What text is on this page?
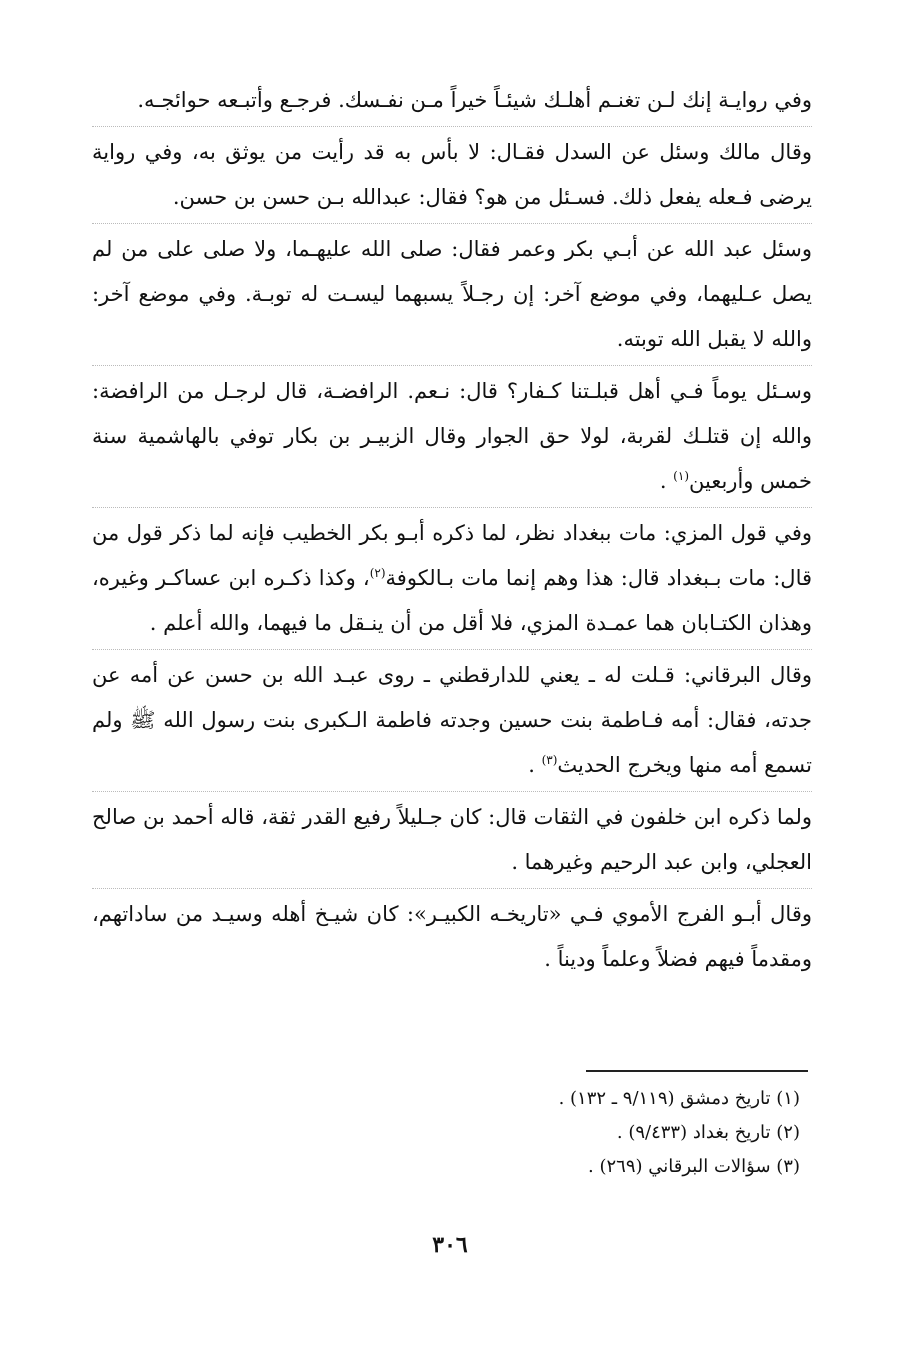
وفي روايـة إنك لـن تغنـم أهلـك شيئـاً خيراً مـن نفـسك. فرجـع وأتبـعه حوائجـه.

وقال مالك وسئل عن السدل فقـال: لا بأس به قد رأيت من يوثق به، وفي رواية يرضى فـعله يفعل ذلك. فسـئل من هو؟ فقال: عبدالله بـن حسن بن حسن.

وسئل عبد الله عن أبـي بكر وعمر فقال: صلى الله عليهـما، ولا صلى على من لم يصل عـليهما، وفي موضع آخر: إن رجـلاً يسبهما ليسـت له توبـة. وفي موضع آخر: والله لا يقبل الله توبته.

وسـئل يوماً فـي أهل قبلـتنا كـفار؟ قال: نـعم. الرافضـة، قال لرجـل من الرافضة: والله إن قتلـك لقربة، لولا حق الجوار وقال الزبيـر بن بكار توفي بالهاشمية سنة خمس وأربعين$^{(١)}$ .

وفي قول المزي: مات ببغداد نظر، لما ذكره أبـو بكر الخطيب فإنه لما ذكر قول من قال: مات بـبغداد قال: هذا وهم إنما مات بـالكوفة$^{(٢)}$، وكذا ذكـره ابن عساكـر وغيره، وهذان الكتـابان هما عمـدة المزي، فلا أقل من أن ينـقل ما فيهما، والله أعلم .

وقال البرقاني: قـلت له ـ يعني للدارقطني ـ روى عبـد الله بن حسن عن أمه عن جدته، فقال: أمه فـاطمة بنت حسين وجدته فاطمة الـكبرى بنت رسول الله ﷺ ولم تسمع أمه منها ويخرج الحديث$^{(٣)}$ .

ولما ذكره ابن خلفون في الثقات قال: كان جـليلاً رفيع القدر ثقة، قاله أحمد بن صالح العجلي، وابن عبد الرحيم وغيرهما .

وقال أبـو الفرج الأموي فـي «تاريخـه الكبيـر»: كان شيـخ أهله وسيـد من ساداتهم، ومقدماً فيهم فضلاً وعلماً وديناً .

(١) تاريخ دمشق (٩/١١٩ ـ ١٣٢) .
(٢) تاريخ بغداد (٩/٤٣٣) .
(٣) سؤالات البرقاني (٢٦٩) .
٣٠٦
